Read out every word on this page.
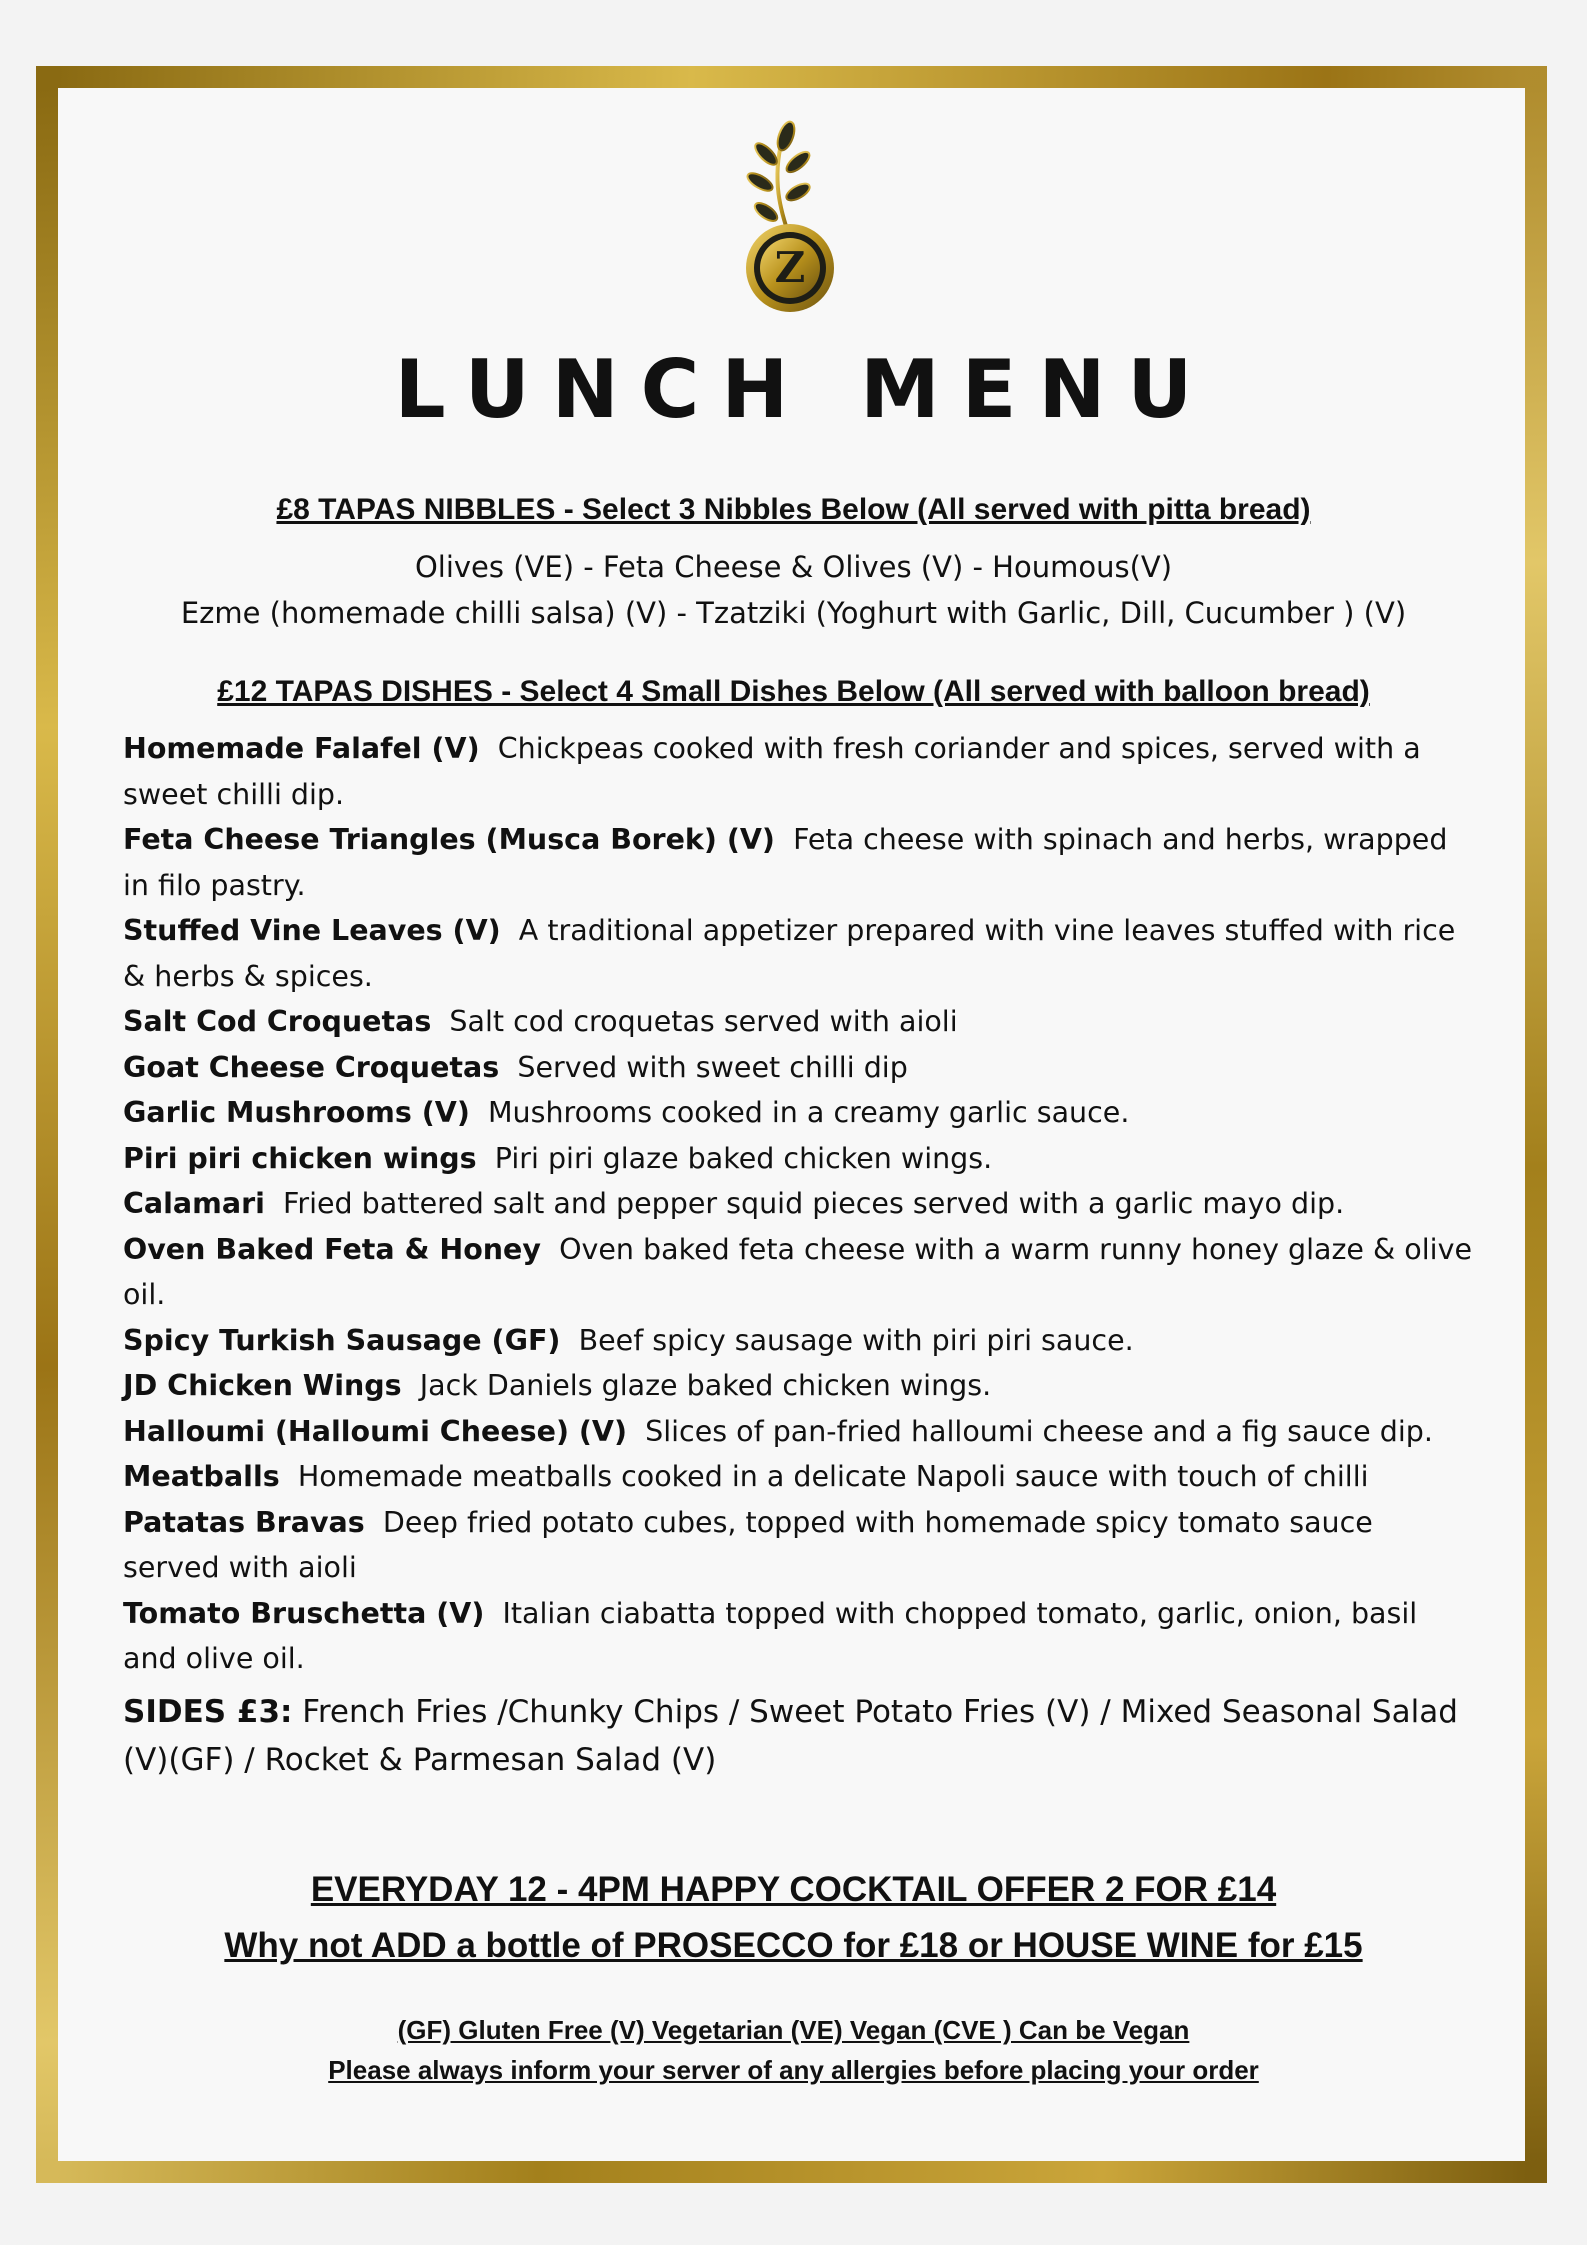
Z
LUNCH MENU
£8 TAPAS NIBBLES - Select 3 Nibbles Below (All served with pitta bread)
Olives (VE) - Feta Cheese & Olives (V) - Houmous(V)
Ezme (homemade chilli salsa) (V) - Tzatziki (Yoghurt with Garlic, Dill, Cucumber ) (V)
£12 TAPAS DISHES - Select 4 Small Dishes Below (All served with balloon bread)
Homemade Falafel (V) Chickpeas cooked with fresh coriander and spices, served with a sweet chilli dip.
Feta Cheese Triangles (Musca Borek) (V) Feta cheese with spinach and herbs, wrapped in filo pastry.
Stuffed Vine Leaves (V) A traditional appetizer prepared with vine leaves stuffed with rice & herbs & spices.
Salt Cod Croquetas Salt cod croquetas served with aioli
Goat Cheese Croquetas Served with sweet chilli dip
Garlic Mushrooms (V) Mushrooms cooked in a creamy garlic sauce.
Piri piri chicken wings Piri piri glaze baked chicken wings.
Calamari Fried battered salt and pepper squid pieces served with a garlic mayo dip.
Oven Baked Feta & Honey Oven baked feta cheese with a warm runny honey glaze & olive oil.
Spicy Turkish Sausage (GF) Beef spicy sausage with piri piri sauce.
JD Chicken Wings Jack Daniels glaze baked chicken wings.
Halloumi (Halloumi Cheese) (V) Slices of pan-fried halloumi cheese and a fig sauce dip.
Meatballs Homemade meatballs cooked in a delicate Napoli sauce with touch of chilli
Patatas Bravas Deep fried potato cubes, topped with homemade spicy tomato sauce served with aioli
Tomato Bruschetta (V) Italian ciabatta topped with chopped tomato, garlic, onion, basil and olive oil.
SIDES £3: French Fries /Chunky Chips / Sweet Potato Fries (V) / Mixed Seasonal Salad (V)(GF) / Rocket & Parmesan Salad (V)
EVERYDAY 12 - 4PM HAPPY COCKTAIL OFFER 2 FOR £14
Why not ADD a bottle of PROSECCO for £18 or HOUSE WINE for £15
(GF) Gluten Free (V) Vegetarian (VE) Vegan (CVE ) Can be Vegan
Please always inform your server of any allergies before placing your order
